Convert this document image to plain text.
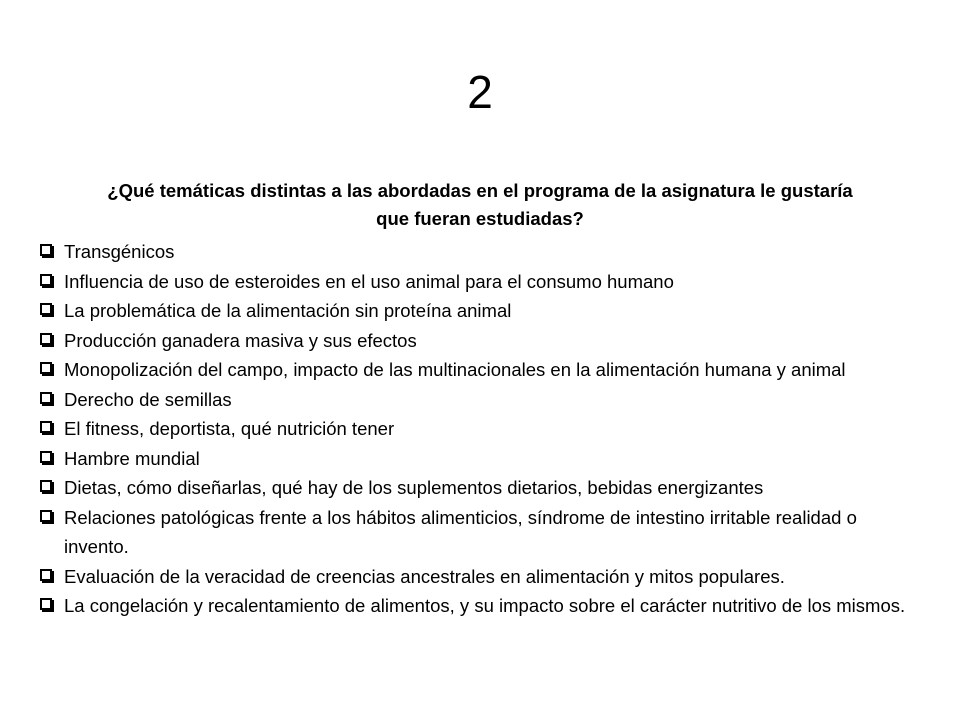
2

¿Qué temáticas distintas a las abordadas en el programa de la asignatura le gustaría que fueran estudiadas?

Transgénicos
Influencia de uso de esteroides en el uso animal para el consumo humano
La problemática de la alimentación sin proteína animal
Producción ganadera masiva y sus efectos
Monopolización del campo, impacto de las multinacionales en la alimentación humana y animal
Derecho de semillas
El fitness, deportista, qué nutrición tener
Hambre mundial
Dietas, cómo diseñarlas, qué hay de los suplementos dietarios, bebidas energizantes
Relaciones patológicas frente a los hábitos alimenticios, síndrome de intestino irritable realidad o invento.
Evaluación de la veracidad de creencias ancestrales en alimentación y mitos populares.
La congelación y recalentamiento de alimentos, y su impacto sobre el carácter nutritivo de los mismos.
